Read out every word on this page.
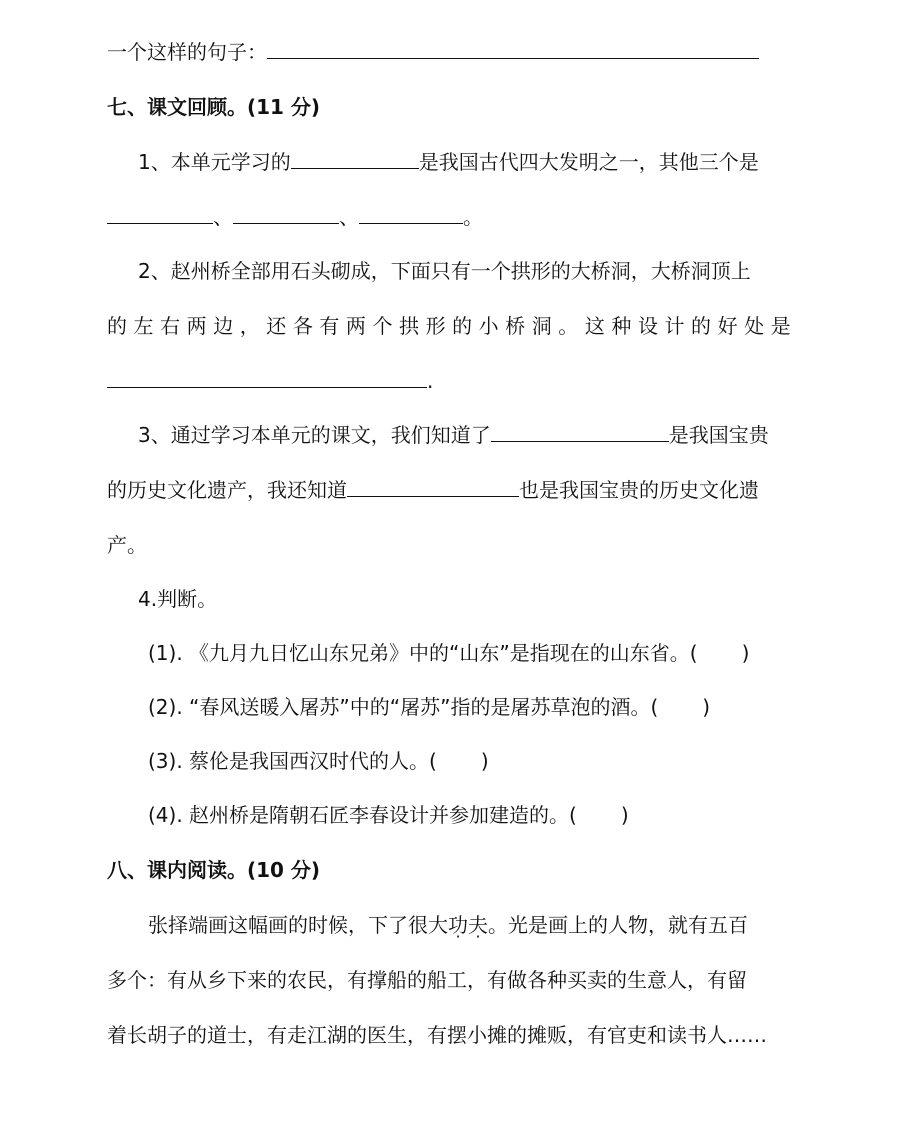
一个这样的句子：
七、课文回顾。(11 分)
1、本单元学习的	是我国古代四大发明之一，其他三个是
、	、	。
2、赵州桥全部用石头砌成，下面只有一个拱形的大桥洞，大桥洞顶上
的 左 右 两 边 ， 还 各 有 两 个 拱 形 的 小 桥 洞 。 这 种 设 计 的 好 处 是
.
3、通过学习本单元的课文，我们知道了	是我国宝贵
的历史文化遗产，我还知道	也是我国宝贵的历史文化遗
产。
4.判断。
(1). 《九月九日忆山东兄弟》中的“山东”是指现在的山东省。( )
(2). “春风送暖入屠苏”中的“屠苏”指的是屠苏草泡的酒。( )
(3). 蔡伦是我国西汉时代的人。( )
(4). 赵州桥是隋朝石匠李春设计并参加建造的。( )
八、课内阅读。(10 分)
张择端画这幅画的时候，下了很大功夫。光是画上的人物，就有五百
多个：有从乡下来的农民，有撑船的船工，有做各种买卖的生意人，有留
着长胡子的道士，有走江湖的医生，有摆小摊的摊贩，有官吏和读书人……
